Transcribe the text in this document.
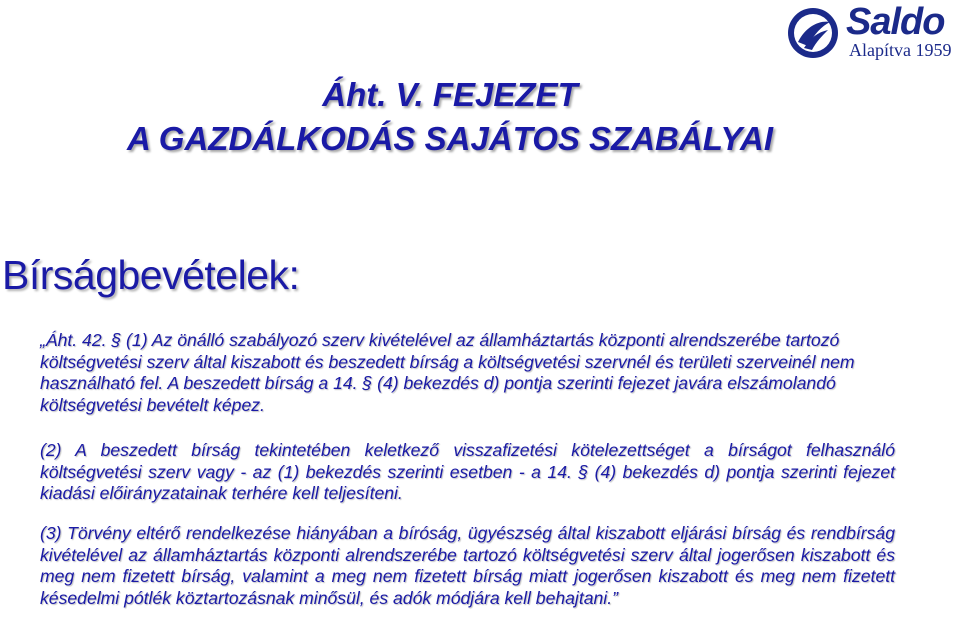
Saldo
Alapítva 1959
Áht. V. FEJEZET
A GAZDÁLKODÁS SAJÁTOS SZABÁLYAI
Bírságbevételek:
„Áht. 42. § (1) Az önálló szabályozó szerv kivételével az államháztartás központi alrendszerébe tartozó költségvetési szerv által kiszabott és beszedett bírság a költségvetési szervnél és területi szerveinél nem használható fel. A beszedett bírság a 14. § (4) bekezdés d) pontja szerinti fejezet javára elszámolandó költségvetési bevételt képez.
(2) A beszedett bírság tekintetében keletkező visszafizetési kötelezettséget a bírságot felhasználó költségvetési szerv vagy - az (1) bekezdés szerinti esetben - a 14. § (4) bekezdés d) pontja szerinti fejezet kiadási előirányzatainak terhére kell teljesíteni.
(3) Törvény eltérő rendelkezése hiányában a bíróság, ügyészség által kiszabott eljárási bírság és rendbírság kivételével az államháztartás központi alrendszerébe tartozó költségvetési szerv által jogerősen kiszabott és meg nem fizetett bírság, valamint a meg nem fizetett bírság miatt jogerősen kiszabott és meg nem fizetett késedelmi pótlék köztartozásnak minősül, és adók módjára kell behajtani.”
